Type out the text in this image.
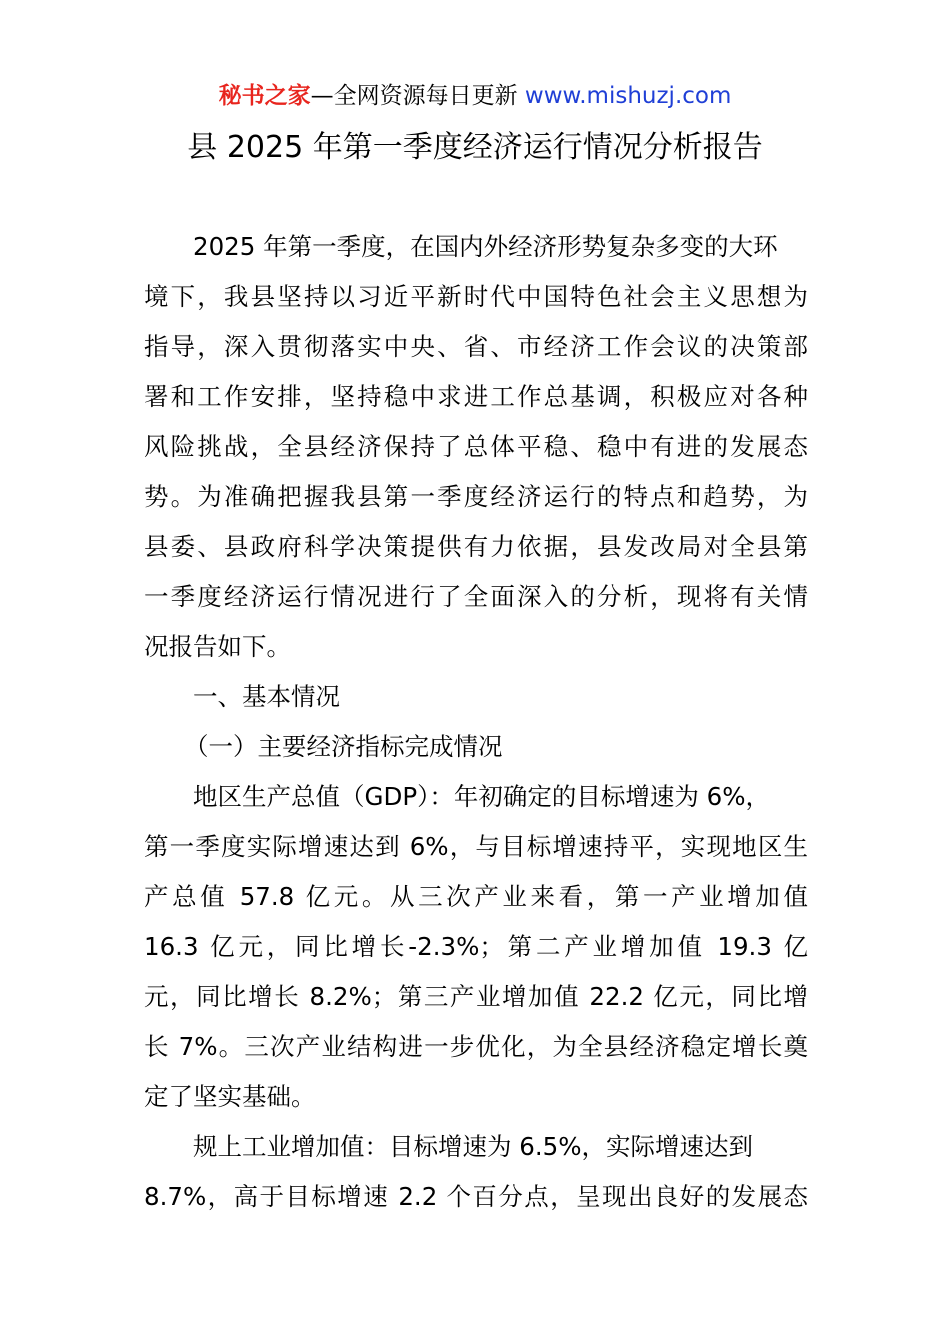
秘书之家—全网资源每日更新 www.mishuzj.com
县 2025 年第一季度经济运行情况分析报告
2025 年第一季度，在国内外经济形势复杂多变的大环
境下，我县坚持以习近平新时代中国特色社会主义思想为
指导，深入贯彻落实中央、省、市经济工作会议的决策部
署和工作安排，坚持稳中求进工作总基调，积极应对各种
风险挑战，全县经济保持了总体平稳、稳中有进的发展态
势。为准确把握我县第一季度经济运行的特点和趋势，为
县委、县政府科学决策提供有力依据，县发改局对全县第
一季度经济运行情况进行了全面深入的分析，现将有关情
况报告如下。
一、基本情况
（一）主要经济指标完成情况
地区生产总值（GDP）：年初确定的目标增速为 6%，
第一季度实际增速达到 6%，与目标增速持平，实现地区生
产总值 57.8 亿元。从三次产业来看，第一产业增加值
16.3 亿元，同比增长-2.3%；第二产业增加值 19.3 亿
元，同比增长 8.2%；第三产业增加值 22.2 亿元，同比增
长 7%。三次产业结构进一步优化，为全县经济稳定增长奠
定了坚实基础。
规上工业增加值：目标增速为 6.5%，实际增速达到
8.7%，高于目标增速 2.2 个百分点，呈现出良好的发展态
